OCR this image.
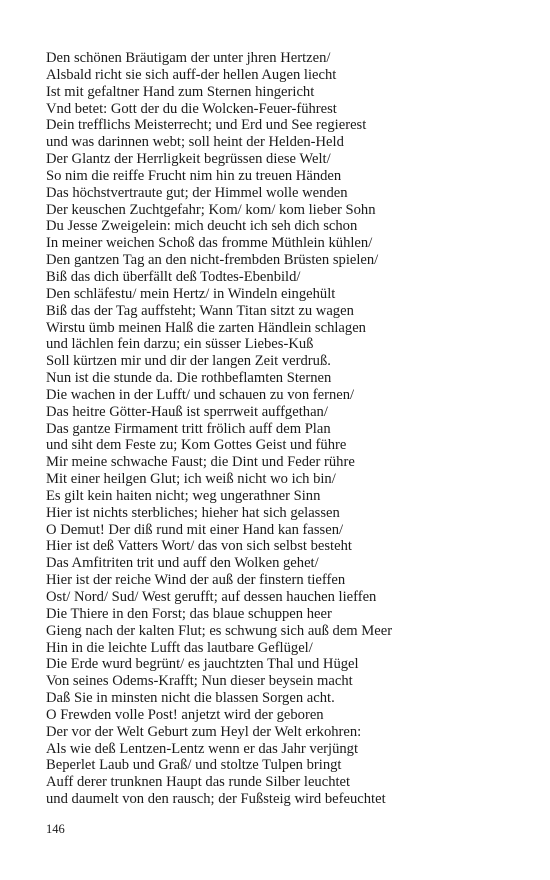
Den schönen Bräutigam der unter jhren Hertzen/
Alsbald richt sie sich auff-der hellen Augen liecht
Ist mit gefaltner Hand zum Sternen hingericht
Vnd betet: Gott der du die Wolcken-Feuer-führest
Dein trefflichs Meisterrecht; und Erd und See regierest
und was darinnen webt; soll heint der Helden-Held
Der Glantz der Herrligkeit begrüssen diese Welt/
So nim die reiffe Frucht nim hin zu treuen Händen
Das höchstvertraute gut; der Himmel wolle wenden
Der keuschen Zuchtgefahr; Kom/ kom/ kom lieber Sohn
Du Jesse Zweigelein: mich deucht ich seh dich schon
In meiner weichen Schoß das fromme Müthlein kühlen/
Den gantzen Tag an den nicht-frembden Brüsten spielen/
Biß das dich überfällt deß Todtes-Ebenbild/
Den schläfestu/ mein Hertz/ in Windeln eingehült
Biß das der Tag auffsteht; Wann Titan sitzt zu wagen
Wirstu ümb meinen Halß die zarten Händlein schlagen
und lächlen fein darzu; ein süsser Liebes-Kuß
Soll kürtzen mir und dir der langen Zeit verdruß.
Nun ist die stunde da. Die rothbeflamten Sternen
Die wachen in der Lufft/ und schauen zu von fernen/
Das heitre Götter-Hauß ist sperrweit auffgethan/
Das gantze Firmament tritt frölich auff dem Plan
und siht dem Feste zu; Kom Gottes Geist und führe
Mir meine schwache Faust; die Dint und Feder rühre
Mit einer heilgen Glut; ich weiß nicht wo ich bin/
Es gilt kein haiten nicht; weg ungerathner Sinn
Hier ist nichts sterbliches; hieher hat sich gelassen
O Demut! Der diß rund mit einer Hand kan fassen/
Hier ist deß Vatters Wort/ das von sich selbst besteht
Das Amfitriten trit und auff den Wolken gehet/
Hier ist der reiche Wind der auß der finstern tieffen
Ost/ Nord/ Sud/ West gerufft; auf dessen hauchen lieffen
Die Thiere in den Forst; das blaue schuppen heer
Gieng nach der kalten Flut; es schwung sich auß dem Meer
Hin in die leichte Lufft das lautbare Geflügel/
Die Erde wurd begrünt/ es jauchtzten Thal und Hügel
Von seines Odems-Krafft; Nun dieser beysein macht
Daß Sie in minsten nicht die blassen Sorgen acht.
O Frewden volle Post! anjetzt wird der geboren
Der vor der Welt Geburt zum Heyl der Welt erkohren:
Als wie deß Lentzen-Lentz wenn er das Jahr verjüngt
Beperlet Laub und Graß/ und stoltze Tulpen bringt
Auff derer trunknen Haupt das runde Silber leuchtet
und daumelt von den rausch; der Fußsteig wird befeuchtet
146
